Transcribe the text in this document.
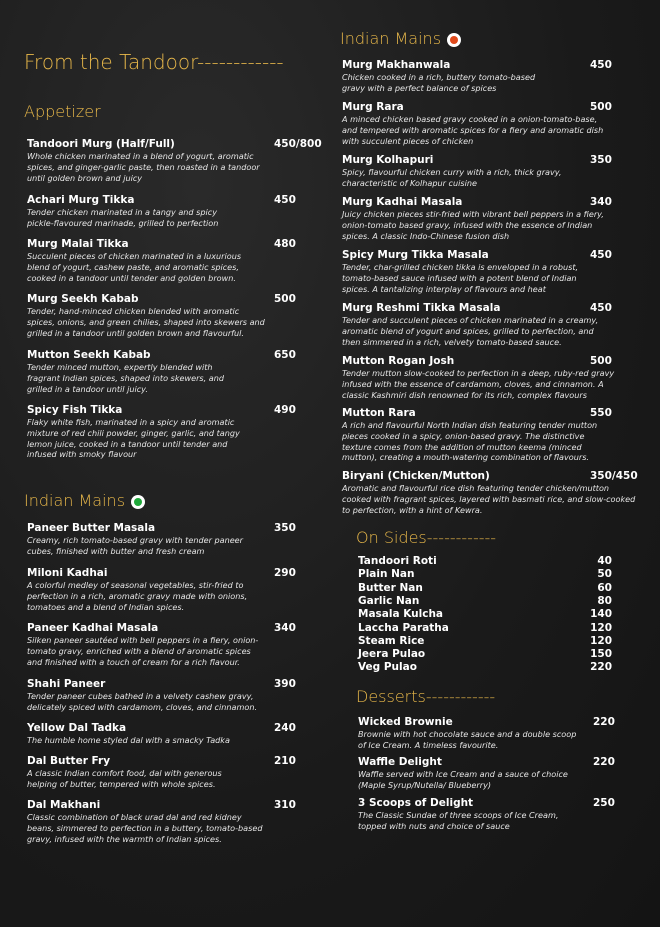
From the Tandoor------------
Appetizer
Tandoori Murg (Half/Full)
Whole chicken marinated in a blend of yogurt, aromatic spices, and ginger-garlic paste, then roasted in a tandoor until golden brown and juicy
450/800
Achari Murg Tikka
Tender chicken marinated in a tangy and spicy pickle-flavoured marinade, grilled to perfection
450
Murg Malai Tikka
Succulent pieces of chicken marinated in a luxurious blend of yogurt, cashew paste, and aromatic spices, cooked in a tandoor until tender and golden brown.
480
Murg Seekh Kabab
Tender, hand-minced chicken blended with aromatic spices, onions, and green chilies, shaped into skewers and grilled in a tandoor until golden brown and flavourful.
500
Mutton Seekh Kabab
Tender minced mutton, expertly blended with fragrant Indian spices, shaped into skewers, and grilled in a tandoor until juicy.
650
Spicy Fish Tikka
Flaky white fish, marinated in a spicy and aromatic mixture of red chili powder, ginger, garlic, and tangy lemon juice, cooked in a tandoor until tender and infused with smoky flavour
490
Indian Mains
Paneer Butter Masala
Creamy, rich tomato-based gravy with tender paneer cubes, finished with butter and fresh cream
350
Miloni Kadhai
A colorful medley of seasonal vegetables, stir-fried to perfection in a rich, aromatic gravy made with onions, tomatoes and a blend of Indian spices.
290
Paneer Kadhai Masala
Silken paneer sautéed with bell peppers in a fiery, onion-tomato gravy, enriched with a blend of aromatic spices and finished with a touch of cream for a rich flavour.
340
Shahi Paneer
Tender paneer cubes bathed in a velvety cashew gravy, delicately spiced with cardamom, cloves, and cinnamon.
390
Yellow Dal Tadka
The humble home styled dal with a smacky Tadka
240
Dal Butter Fry
A classic Indian comfort food, dal with generous helping of butter, tempered with whole spices.
210
Dal Makhani
Classic combination of black urad dal and red kidney beans, simmered to perfection in a buttery, tomato-based gravy, infused with the warmth of Indian spices.
310
Indian Mains
Murg Makhanwala
Chicken cooked in a rich, buttery tomato-based gravy with a perfect balance of spices
450
Murg Rara
A minced chicken based gravy cooked in a onion-tomato-base, and tempered with aromatic spices for a fiery and aromatic dish with succulent pieces of chicken
500
Murg Kolhapuri
Spicy, flavourful chicken curry with a rich, thick gravy, characteristic of Kolhapur cuisine
350
Murg Kadhai Masala
Juicy chicken pieces stir-fried with vibrant bell peppers in a fiery, onion-tomato based gravy, infused with the essence of Indian spices. A classic Indo-Chinese fusion dish
340
Spicy Murg Tikka Masala
Tender, char-grilled chicken tikka is enveloped in a robust, tomato-based sauce infused with a potent blend of Indian spices. A tantalizing interplay of flavours and heat
450
Murg Reshmi Tikka Masala
Tender and succulent pieces of chicken marinated in a creamy, aromatic blend of yogurt and spices, grilled to perfection, and then simmered in a rich, velvety tomato-based sauce.
450
Mutton Rogan Josh
Tender mutton slow-cooked to perfection in a deep, ruby-red gravy infused with the essence of cardamom, cloves, and cinnamon. A classic Kashmiri dish renowned for its rich, complex flavours
500
Mutton Rara
A rich and flavourful North Indian dish featuring tender mutton pieces cooked in a spicy, onion-based gravy. The distinctive texture comes from the addition of mutton keema (minced mutton), creating a mouth-watering combination of flavours.
550
Biryani (Chicken/Mutton)
Aromatic and flavourful rice dish featuring tender chicken/mutton cooked with fragrant spices, layered with basmati rice, and slow-cooked to perfection, with a hint of Kewra.
350/450
On Sides------------
Tandoori Roti	40
Plain Nan	50
Butter Nan	60
Garlic Nan	80
Masala Kulcha	140
Laccha Paratha	120
Steam Rice	120
Jeera Pulao	150
Veg Pulao	220
Desserts------------
Wicked Brownie
Brownie with hot chocolate sauce and a double scoop of Ice Cream. A timeless favourite.
220
Waffle Delight
Waffle served with Ice Cream and a sauce of choice (Maple Syrup/Nutella/ Blueberry)
220
3 Scoops of Delight
The Classic Sundae of three scoops of Ice Cream, topped with nuts and choice of sauce
250
